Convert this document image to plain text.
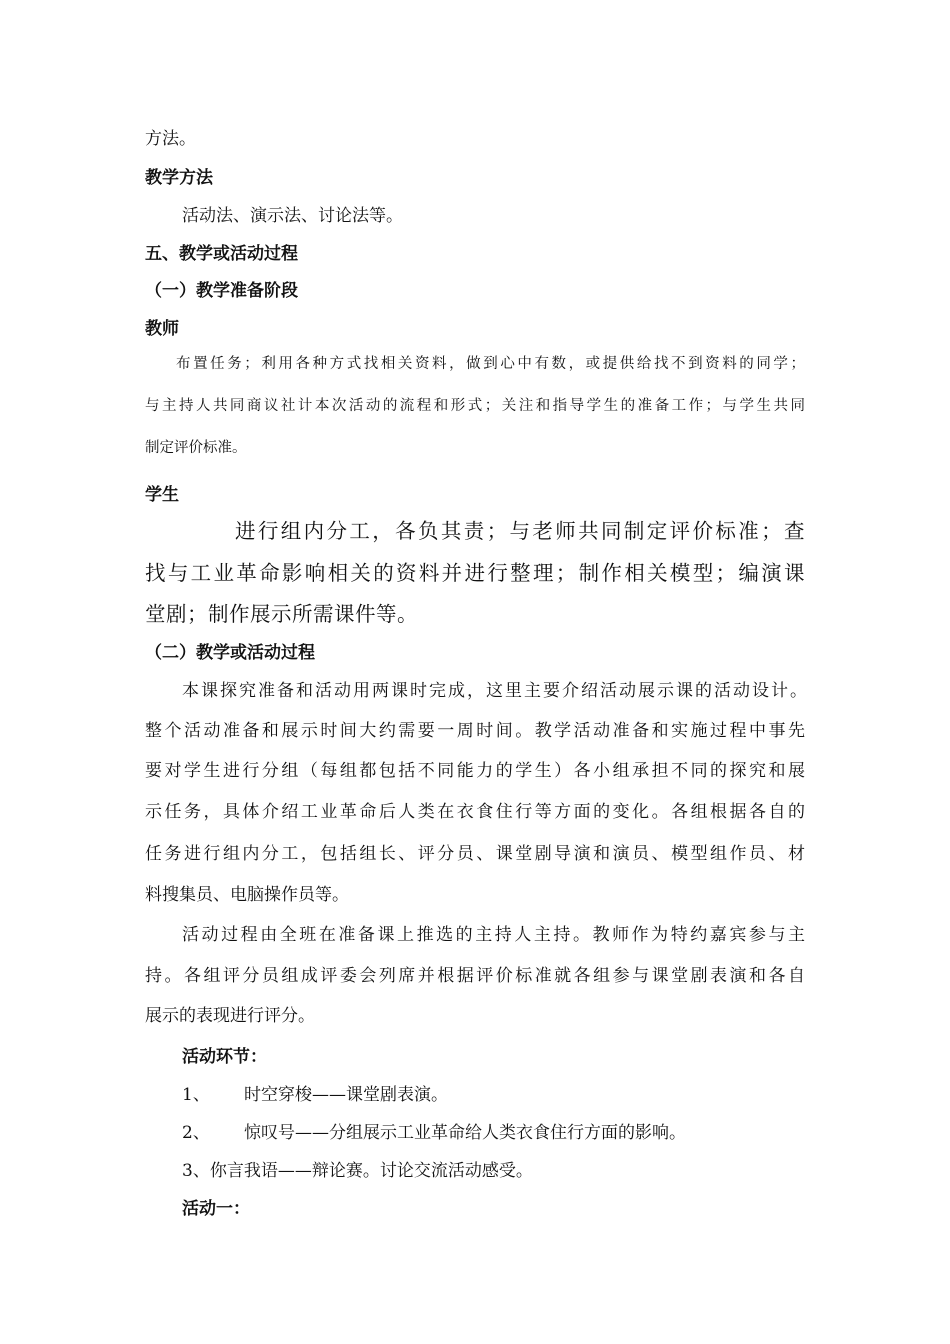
方法。
教学方法
活动法、演示法、讨论法等。
五、教学或活动过程
（一）教学准备阶段
教师
布置任务；利用各种方式找相关资料，做到心中有数，或提供给找不到资料的同学；
与主持人共同商议社计本次活动的流程和形式；关注和指导学生的准备工作；与学生共同
制定评价标准。
学生
进行组内分工，各负其责；与老师共同制定评价标准；查
找与工业革命影响相关的资料并进行整理；制作相关模型；编演课
堂剧；制作展示所需课件等。
（二）教学或活动过程
本课探究准备和活动用两课时完成，这里主要介绍活动展示课的活动设计。
整个活动准备和展示时间大约需要一周时间。教学活动准备和实施过程中事先
要对学生进行分组（每组都包括不同能力的学生）各小组承担不同的探究和展
示任务，具体介绍工业革命后人类在衣食住行等方面的变化。各组根据各自的
任务进行组内分工，包括组长、评分员、课堂剧导演和演员、模型组作员、材
料搜集员、电脑操作员等。
活动过程由全班在准备课上推选的主持人主持。教师作为特约嘉宾参与主
持。各组评分员组成评委会列席并根据评价标准就各组参与课堂剧表演和各自
展示的表现进行评分。
活动环节：
1、 时空穿梭——课堂剧表演。
2、 惊叹号——分组展示工业革命给人类衣食住行方面的影响。
3、你言我语——辩论赛。讨论交流活动感受。
活动一：
